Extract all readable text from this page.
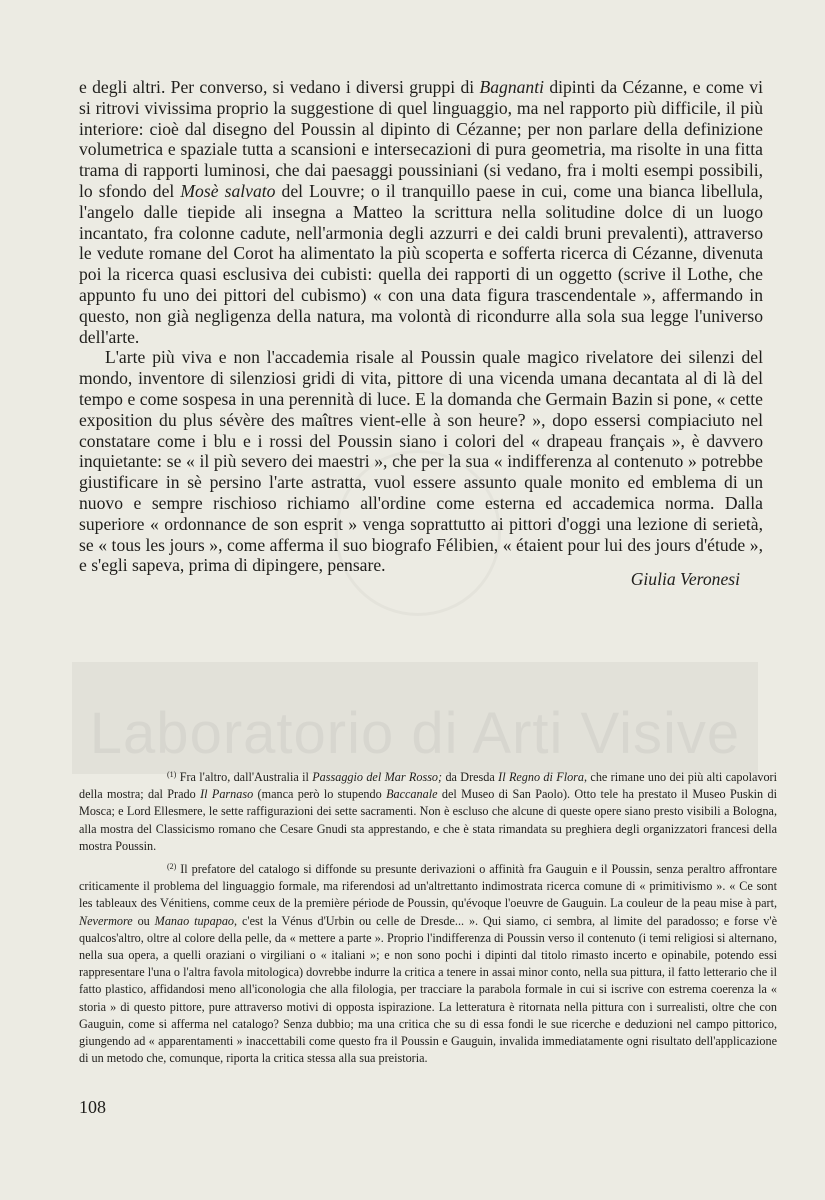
Laboratorio di Arti Visive

e degli altri. Per converso, si vedano i diversi gruppi di Bagnanti dipinti da Cézanne, e come vi si ritrovi vivissima proprio la suggestione di quel linguaggio, ma nel rapporto più difficile, il più interiore: cioè dal disegno del Poussin al dipinto di Cézanne; per non parlare della definizione volumetrica e spaziale tutta a scansioni e intersecazioni di pura geometria, ma risolte in una fitta trama di rapporti luminosi, che dai paesaggi poussiniani (si vedano, fra i molti esempi possibili, lo sfondo del Mosè salvato del Louvre; o il tranquillo paese in cui, come una bianca libellula, l'angelo dalle tiepide ali insegna a Matteo la scrittura nella solitudine dolce di un luogo incantato, fra colonne cadute, nell'armonia degli azzurri e dei caldi bruni prevalenti), attraverso le vedute romane del Corot ha alimentato la più scoperta e sofferta ricerca di Cézanne, divenuta poi la ricerca quasi esclusiva dei cubisti: quella dei rapporti di un oggetto (scrive il Lothe, che appunto fu uno dei pittori del cubismo) « con una data figura trascendentale », affermando in questo, non già negligenza della natura, ma volontà di ricondurre alla sola sua legge l'universo dell'arte.

L'arte più viva e non l'accademia risale al Poussin quale magico rivelatore dei silenzi del mondo, inventore di silenziosi gridi di vita, pittore di una vicenda umana decantata al di là del tempo e come sospesa in una perennità di luce. E la domanda che Germain Bazin si pone, « cette exposition du plus sévère des maîtres vient-elle à son heure? », dopo essersi compiaciuto nel constatare come i blu e i rossi del Poussin siano i colori del « drapeau français », è davvero inquietante: se « il più severo dei maestri », che per la sua « indifferenza al contenuto » potrebbe giustificare in sè persino l'arte astratta, vuol essere assunto quale monito ed emblema di un nuovo e sempre rischioso richiamo all'ordine come esterna ed accademica norma. Dalla superiore « ordonnance de son esprit » venga soprattutto ai pittori d'oggi una lezione di serietà, se « tous les jours », come afferma il suo biografo Félibien, « étaient pour lui des jours d'étude », e s'egli sapeva, prima di dipingere, pensare.

Giulia Veronesi

$^{(1)}$ Fra l'altro, dall'Australia il Passaggio del Mar Rosso; da Dresda Il Regno di Flora, che rimane uno dei più alti capolavori della mostra; dal Prado Il Parnaso (manca però lo stupendo Baccanale del Museo di San Paolo). Otto tele ha prestato il Museo Puskin di Mosca; e Lord Ellesmere, le sette raffigurazioni dei sette sacramenti. Non è escluso che alcune di queste opere siano presto visibili a Bologna, alla mostra del Classicismo romano che Cesare Gnudi sta apprestando, e che è stata rimandata su preghiera degli organizzatori francesi della mostra Poussin.

$^{(2)}$ Il prefatore del catalogo si diffonde su presunte derivazioni o affinità fra Gauguin e il Poussin, senza peraltro affrontare criticamente il problema del linguaggio formale, ma riferendosi ad un'altrettanto indimostrata ricerca comune di « primitivismo ». « Ce sont les tableaux des Vénitiens, comme ceux de la première période de Poussin, qu'évoque l'oeuvre de Gauguin. La couleur de la peau mise à part, Nevermore ou Manao tupapao, c'est la Vénus d'Urbin ou celle de Dresde... ». Qui siamo, ci sembra, al limite del paradosso; e forse v'è qualcos'altro, oltre al colore della pelle, da « mettere a parte ». Proprio l'indifferenza di Poussin verso il contenuto (i temi religiosi si alternano, nella sua opera, a quelli oraziani o virgiliani o « italiani »; e non sono pochi i dipinti dal titolo rimasto incerto e opinabile, potendo essi rappresentare l'una o l'altra favola mitologica) dovrebbe indurre la critica a tenere in assai minor conto, nella sua pittura, il fatto letterario che il fatto plastico, affidandosi meno all'iconologia che alla filologia, per tracciare la parabola formale in cui si iscrive con estrema coerenza la « storia » di questo pittore, pure attraverso motivi di opposta ispirazione. La letteratura è ritornata nella pittura con i surrealisti, oltre che con Gauguin, come si afferma nel catalogo? Senza dubbio; ma una critica che su di essa fondi le sue ricerche e deduzioni nel campo pittorico, giungendo ad « apparentamenti » inaccettabili come questo fra il Poussin e Gauguin, invalida immediatamente ogni risultato dell'applicazione di un metodo che, comunque, riporta la critica stessa alla sua preistoria.

108
